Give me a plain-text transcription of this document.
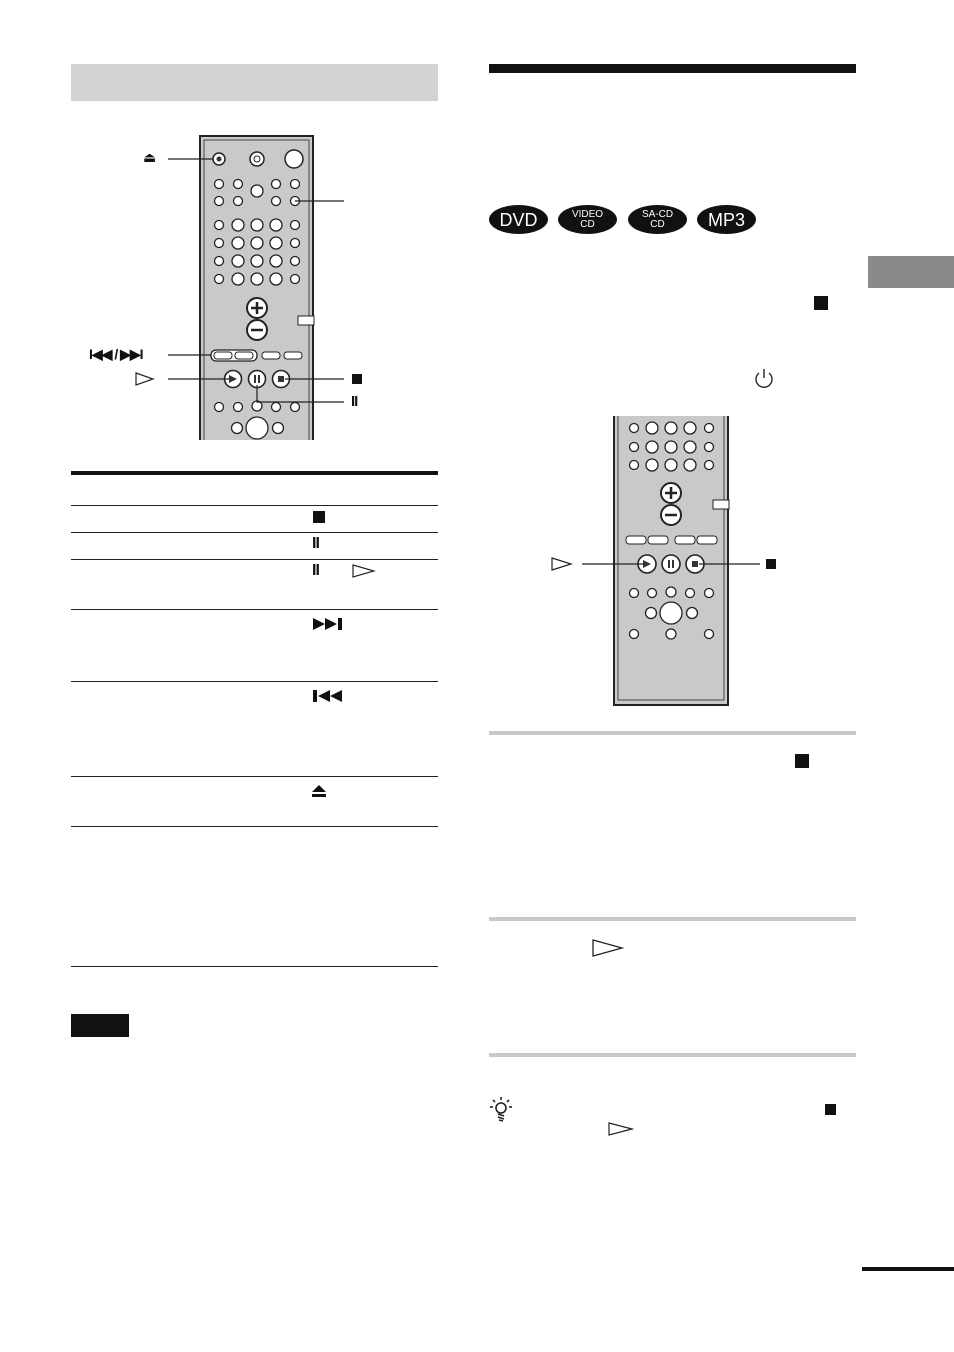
⏏
I◀◀ / ▶▶I
II
II
II
DVD	VIDEO
CD
SA-CD
CD MP3
